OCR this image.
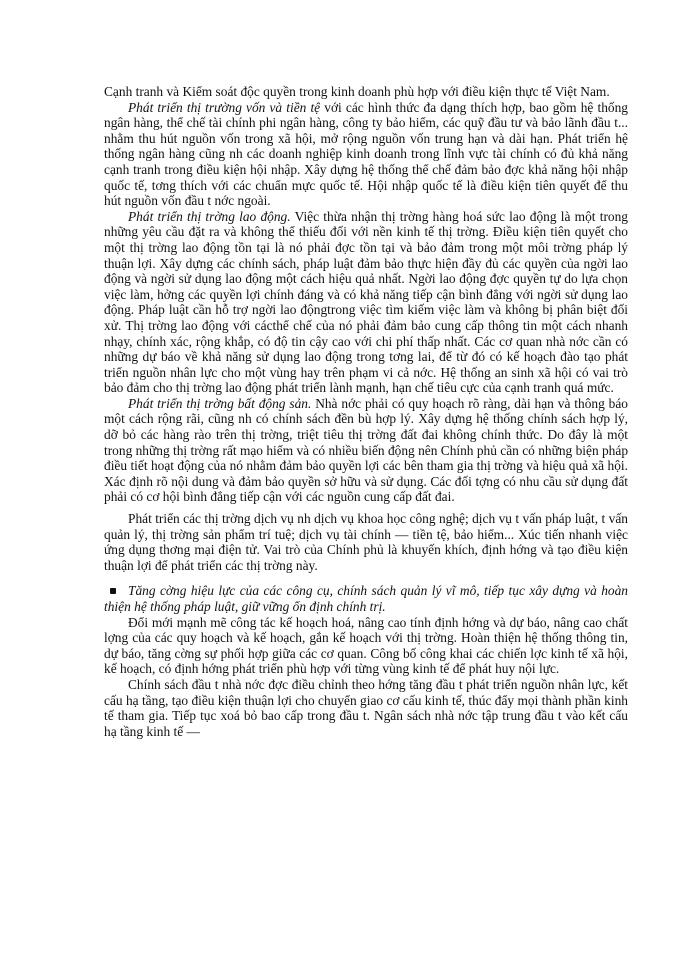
Cạnh tranh và Kiểm soát độc quyền trong kinh doanh phù hợp với điều kiện thực tế Việt Nam.

Phát triển thị trường vốn và tiền tệ với các hình thức đa dạng thích hợp, bao gồm hệ thống ngân hàng, thể chế tài chính phi ngân hàng, công ty bảo hiểm, các quỹ đầu tư và bảo lãnh đầu t... nhằm thu hút nguồn vốn trong xã hội, mở rộng nguồn vốn trung hạn và dài hạn. Phát triển hệ thống ngân hàng cũng nh các doanh nghiệp kinh doanh trong lĩnh vực tài chính có đủ khả năng cạnh tranh trong điều kiện hội nhập. Xây dựng hệ thống thể chế đảm bảo đợc khả năng hội nhập quốc tế, tơng thích với các chuẩn mực quốc tế. Hội nhập quốc tế là điều kiện tiên quyết để thu hút nguồn vốn đầu t nớc ngoài.

Phát triển thị trờng lao động. Việc thừa nhận thị trờng hàng hoá sức lao động là một trong những yêu cầu đặt ra và không thể thiếu đối với nền kinh tế thị trờng. Điều kiện tiên quyết cho một thị trờng lao động tồn tại là nó phải đợc tồn tại và bảo đảm trong một môi trờng pháp lý thuận lợi. Xây dựng các chính sách, pháp luật đảm bảo thực hiện đầy đủ các quyền của ngời lao động và ngời sử dụng lao động một cách hiệu quả nhất. Ngời lao động đợc quyền tự do lựa chọn việc làm, hởng các quyền lợi chính đáng và có khả năng tiếp cận bình đẳng với ngời sử dụng lao động. Pháp luật cần hỗ trợ ngời lao độngtrong việc tìm kiếm việc làm và không bị phân biệt đối xử. Thị trờng lao động với cácthể chế của nó phải đảm bảo cung cấp thông tin một cách nhanh nhạy, chính xác, rộng khắp, có độ tin cậy cao với chi phí thấp nhất. Các cơ quan nhà nớc cần có những dự báo về khả năng sử dụng lao động trong tơng lai, để từ đó có kế hoạch đào tạo phát triển nguồn nhân lực cho một vùng hay trên phạm vi cả nớc. Hệ thống an sinh xã hội có vai trò bảo đảm cho thị trờng lao động phát triển lành mạnh, hạn chế tiêu cực của cạnh tranh quá mức.

Phát triển thị trờng bất động sản. Nhà nớc phải có quy hoạch rõ ràng, dài hạn và thông báo một cách rộng rãi, cũng nh có chính sách đền bù hợp lý. Xây dựng hệ thống chính sách hợp lý, dỡ bỏ các hàng rào trên thị trờng, triệt tiêu thị trờng đất đai không chính thức. Do đây là một trong những thị trờng rất mạo hiểm và có nhiều biến động nên Chính phủ cần có những biện pháp điều tiết hoạt động của nó nhằm đảm bảo quyền lợi các bên tham gia thị trờng và hiệu quả xã hội. Xác định rõ nội dung và đảm bảo quyền sở hữu và sử dụng. Các đối tợng có nhu cầu sử dụng đất phải có cơ hội bình đẳng tiếp cận với các nguồn cung cấp đất đai.

Phát triển các thị trờng dịch vụ nh dịch vụ khoa học công nghệ; dịch vụ t vấn pháp luật, t vấn quản lý, thị trờng sản phẩm trí tuệ; dịch vụ tài chính — tiền tệ, bảo hiểm... Xúc tiến nhanh việc ứng dụng thơng mại điện tử. Vai trò của Chính phủ là khuyến khích, định hớng và tạo điều kiện thuận lợi để phát triển các thị trờng này.

Tăng cờng hiệu lực của các công cụ, chính sách quản lý vĩ mô, tiếp tục xây dựng và hoàn thiện hệ thống pháp luật, giữ vững ổn định chính trị.

Đổi mới mạnh mẽ công tác kế hoạch hoá, nâng cao tính định hớng và dự báo, nâng cao chất lợng của các quy hoạch và kế hoạch, gắn kế hoạch với thị trờng. Hoàn thiện hệ thống thông tin, dự báo, tăng cờng sự phối hợp giữa các cơ quan. Công bố công khai các chiến lợc kinh tế xã hội, kế hoạch, có định hớng phát triển phù hợp với từng vùng kinh tế để phát huy nội lực.

Chính sách đầu t nhà nớc đợc điều chỉnh theo hớng tăng đầu t phát triển nguồn nhân lực, kết cấu hạ tầng, tạo điều kiện thuận lợi cho chuyển giao cơ cấu kinh tế, thúc đẩy mọi thành phần kinh tế tham gia. Tiếp tục xoá bỏ bao cấp trong đầu t. Ngân sách nhà nớc tập trung đầu t vào kết cấu hạ tầng kinh tế —
